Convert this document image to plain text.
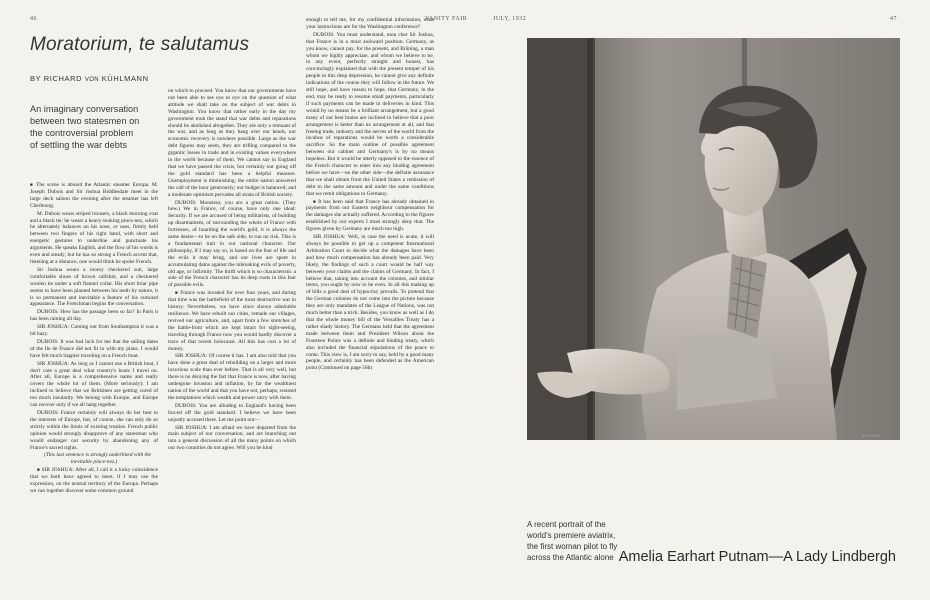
46	VANITY FAIR	JULY, 1932	47
Moratorium, te salutamus
BY RICHARD VON KÜHLMANN

An imaginary conversation
between two statesmen on
the controversial problem
of settling the war debts

■ The scene is aboard the Atlantic steamer Europa. M. Joseph Dubois and Sir Joshua Biddlesdale meet in the large deck saloon the evening after the steamer has left Cherbourg.

M. Dubois wears striped trousers, a black morning coat and a black tie; he wears a heavy-looking pince-nez, which he alternately balances on his nose, or uses, firmly held between two fingers of his right hand, with short and energetic gestures to underline and punctuate his arguments. He speaks English, and the flow of his words is even and steady, but he has so strong a French accent that, listening at a distance, one would think he spoke French.

Sir Joshua wears a roomy checkered suit, large comfortable shoes of brown calfskin, and a checkered woolen tie under a soft flannel collar. His short briar pipe seems to have been planted between his teeth by nature, it is so permanent and inevitable a feature of his outward appearance. The Frenchman begins the conversation.

DUBOIS: How has the passage been so far? In Paris it has been raining all day.

SIR JOSHUA: Coming out from Southampton it was a bit hazy.

DUBOIS: It was bad luck for me that the sailing dates of the Ile de France did not fit in with my plans. I would have felt much happier traveling on a French boat.

SIR JOSHUA: As long as I cannot use a British boat, I don't care a great deal what country's boats I travel on. After all, Europe is a comprehensive name and really covers the whole lot of them. (More seriously): I am inclined to believe that we Britishers are getting cured of too much insularity. We belong with Europe, and Europe can recover only if we all hang together.

DUBOIS: France certainly will always do her best in the interests of Europe, but, of course, she can only do so strictly within the limits of existing treaties. French public opinion would strongly disapprove of any statesman who would endanger our security by abandoning any of France's sacred rights.

(This last sentence is strongly underlined with the inevitable pince-nez.)

■ SIR JOSHUA: After all, I call it a lucky coincidence that we both have agreed to meet, if I may use the expression, on the neutral territory of the Europa. Perhaps we can together discover some common ground

on which to proceed. You know that our governments have not been able to see eye to eye on the question of what attitude we shall take on the subject of war debts in Washington. You know that rather early in the day my government took the stand that war debts and reparations should be abolished altogether. They are only a remnant of the war, and as long as they hang over our heads, our economic recovery is nowhere possible. Large as the war debt figures may seem, they are trifling compared to the gigantic losses in trade and in existing values everywhere in the world because of them. We cannot say in England that we have passed the crisis, but certainly our going off the gold standard has been a helpful measure. Unemployment is diminishing; the entire nation answered the call of the hour generously; our budget is balanced; and a moderate optimism pervades all strata of British society.

DUBOIS: Monsieur, you are a great nation. (They bow.) We in France, of course, have only one ideal: Security. If we are accused of being militarists, of building up disarmament, of surrounding the whole of France with fortresses, of hoarding the world's gold, it is always the same desire—to be on the safe side, to run no risk. This is a fundamental trait in our national character. Our philosophy, if I may say so, is based on the fear of life and the evils it may bring, and our lives are spent in accumulating dams against the inbreaking evils of poverty, old age, or infirmity. The thrift which is so characteristic a side of the French character has its deep roots in this fear of possible evils.

■ France was invaded for over four years, and during that time was the battlefield of the most destructive war in history. Nevertheless, we have since shown admirable resilience. We have rebuilt our cities, remade our villages, revived our agriculture, and, apart from a few stretches of the battle-front which are kept intact for sight-seeing, traveling through France now you would hardly discover a trace of that recent holocaust. All this has cost a lot of money.

SIR JOSHUA: Of course it has. I am also told that you have done a great deal of rebuilding on a larger and more luxurious scale than ever before. That is all very well, but there is no denying the fact that France is now, after having undergone invasion and inflation, by far the wealthiest nation of the world and that you have not, perhaps, resisted the temptations which wealth and power carry with them.

DUBOIS: You are alluding to England's having been forced off the gold standard. I believe we have been unjustly accused there. Let me point out—

SIR JOSHUA: I am afraid we have departed from the main subject of our conversation, and are branching out into a general discussion of all the many points on which our two countries do not agree. Will you be kind

enough to tell me, for my confidential information, what your instructions are for the Washington conference?

DUBOIS: You must understand, mon cher Sir Joshua, that France is in a most awkward position. Germany, as you know, cannot pay, for the present, and Brüning, a man whom we highly appreciate, and whom we believe to be, in any event, perfectly straight and honest, has convincingly explained that with the present temper of his people in this deep depression, he cannot give any definite indications of the course they will follow in the future. We still hope, and have reason to hope, that Germany, in the end, may be ready to resume small payments, particularly if such payments can be made in deliveries in kind. This would by no means be a brilliant arrangement, but a good many of our best brains are inclined to believe that a poor arrangement is better than no arrangement at all, and that freeing trade, industry and the nerves of the world from the incubus of reparations would be worth a considerable sacrifice. So the main outline of possible agreement between our cabinet and Germany's is by no means hopeless. But it would be utterly opposed to the essence of the French character to enter into any binding agreement before we have—on the other side—the definite assurance that we shall obtain from the United States a remission of debt to the same amount and under the same conditions that we remit obligations to Germany.

■ It has been said that France has already obtained in payments from our Eastern neighbour compensation for the damages she actually suffered. According to the figures established by our experts I must strongly deny that. The figures given by Germany are much too high.

SIR JOSHUA: Well, in case the need is acute, it will always be possible to get up a competent International Arbitration Court to decide what the damages have been and how much compensation has already been paid. Very likely, the findings of such a court would be half way between your claims and the claims of Germany. In fact, I believe that, taking into account the colonies, and similar items, you ought by now to be even. In all this making up of bills a good deal of hypocrisy prevails. To pretend that the German colonies do not come into the picture because they are only mandates of the League of Nations, was not much better than a trick. Besides, you know as well as I do that the whole money bill of the Versailles Treaty has a rather shady history. The Germans held that the agreement made between them and President Wilson about the Fourteen Points was a definite and binding treaty, which also included the financial stipulations of the peace to come. This view is, I am sorry to say, held by a good many people, and certainly has been defended as the American point (Continued on page 56b)

STEICHEN

A recent portrait of the
world's premiere aviatrix,
the first woman pilot to fly
across the Atlantic alone Amelia Earhart Putnam—A Lady Lindbergh
